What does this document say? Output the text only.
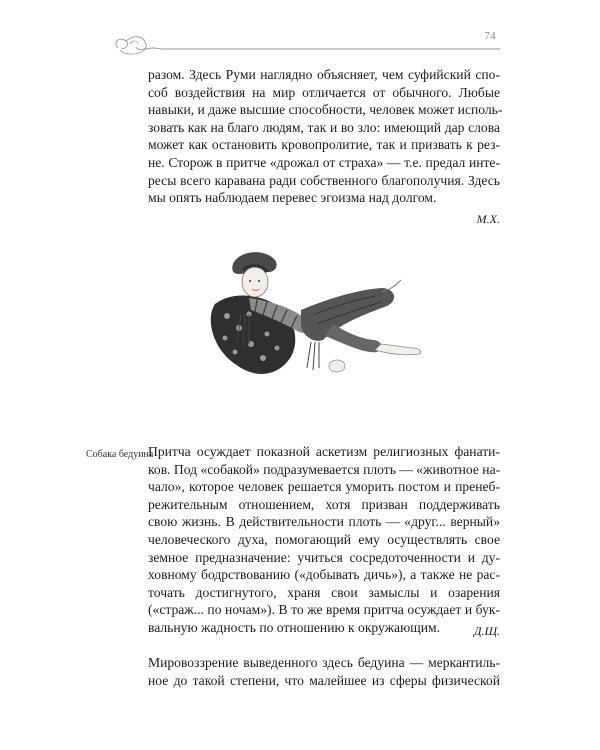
74
разом. Здесь Руми наглядно объясняет, чем суфийский спо-
соб воздействия на мир отличается от обычного. Любые
навыки, и даже высшие способности, человек может исполь-
зовать как на благо людям, так и во зло: имеющий дар слова
может как остановить кровопролитие, так и призвать к рез-
не. Сторож в притче «дрожал от страха» — т.е. предал инте-
ресы всего каравана ради собственного благополучия. Здесь
мы опять наблюдаем перевес эгоизма над долгом.
М.Х.
Собака бедуина
Притча осуждает показной аскетизм религиозных фанати-
ков. Под «собакой» подразумевается плоть — «животное на-
чало», которое человек решается уморить постом и пренеб-
режительным отношением, хотя призван поддерживать
свою жизнь. В действительности плоть — «друг... верный»
человеческого духа, помогающий ему осуществлять свое
земное предназначение: учиться сосредоточенности и ду-
ховному бодрствованию («добывать дичь»), а также не рас-
точать достигнутого, храня свои замыслы и озарения
(«страж... по ночам»). В то же время притча осуждает и бук-
вальную жадность по отношению к окружающим.	Д.Щ.
Мировоззрение выведенного здесь бедуина — меркантиль-
ное до такой степени, что малейшее из сферы физической
